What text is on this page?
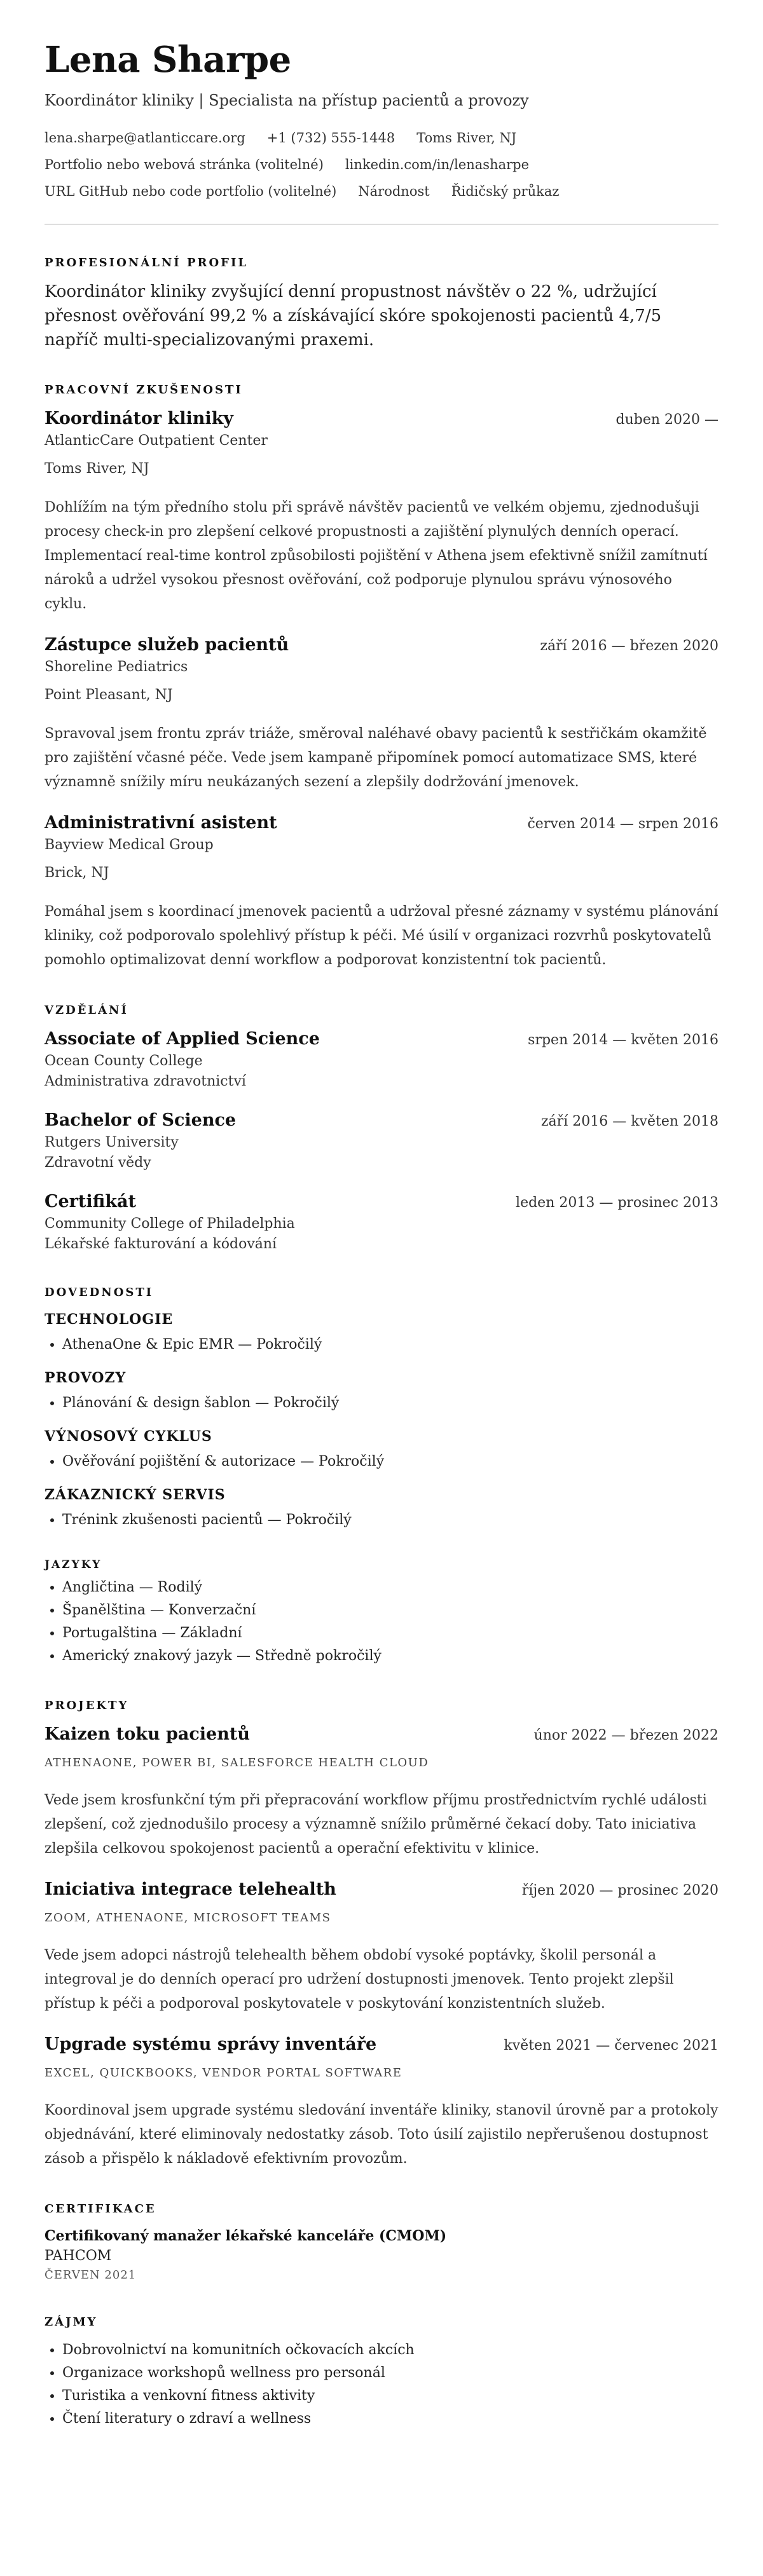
Lena Sharpe
Koordinátor kliniky | Specialista na přístup pacientů a provozy
lena.sharpe@atlanticcare.org +1 (732) 555-1448 Toms River, NJ
Portfolio nebo webová stránka (volitelné) linkedin.com/in/lenasharpe
URL GitHub nebo code portfolio (volitelné) Národnost Řidičský průkaz
PROFESIONÁLNÍ PROFIL

Koordinátor kliniky zvyšující denní propustnost návštěv o 22 %, udržující přesnost ověřování 99,2 % a získávající skóre spokojenosti pacientů 4,7/5 napříč multi-specializovanými praxemi.

PRACOVNÍ ZKUŠENOSTI
Koordinátor kliniky	duben 2020 —
AtlanticCare Outpatient Center
Toms River, NJ
Dohlížím na tým předního stolu při správě návštěv pacientů ve velkém objemu, zjednodušuji procesy check-in pro zlepšení celkové propustnosti a zajištění plynulých denních operací. Implementací real-time kontrol způsobilosti pojištění v Athena jsem efektivně snížil zamítnutí nároků a udržel vysokou přesnost ověřování, což podporuje plynulou správu výnosového cyklu.
Zástupce služeb pacientů	září 2016 — březen 2020
Shoreline Pediatrics
Point Pleasant, NJ
Spravoval jsem frontu zpráv triáže, směroval naléhavé obavy pacientů k sestřičkám okamžitě pro zajištění včasné péče. Vede jsem kampaně připomínek pomocí automatizace SMS, které významně snížily míru neukázaných sezení a zlepšily dodržování jmenovek.
Administrativní asistent	červen 2014 — srpen 2016
Bayview Medical Group
Brick, NJ
Pomáhal jsem s koordinací jmenovek pacientů a udržoval přesné záznamy v systému plánování kliniky, což podporovalo spolehlivý přístup k péči. Mé úsilí v organizaci rozvrhů poskytovatelů pomohlo optimalizovat denní workflow a podporovat konzistentní tok pacientů.
VZDĚLÁNÍ
Associate of Applied Science	srpen 2014 — květen 2016
Ocean County College
Administrativa zdravotnictví
Bachelor of Science	září 2016 — květen 2018
Rutgers University
Zdravotní vědy
Certifikát	leden 2013 — prosinec 2013
Community College of Philadelphia
Lékařské fakturování a kódování
DOVEDNOSTI
TECHNOLOGIE
• AthenaOne & Epic EMR — Pokročilý
PROVOZY
• Plánování & design šablon — Pokročilý
VÝNOSOVÝ CYKLUS
• Ověřování pojištění & autorizace — Pokročilý
ZÁKAZNICKÝ SERVIS
• Trénink zkušenosti pacientů — Pokročilý
JAZYKY
• Angličtina — Rodilý
• Španělština — Konverzační
• Portugalština — Základní
• Americký znakový jazyk — Středně pokročilý
PROJEKTY
Kaizen toku pacientů	únor 2022 — březen 2022
ATHENAONE, POWER BI, SALESFORCE HEALTH CLOUD
Vede jsem krosfunkční tým při přepracování workflow příjmu prostřednictvím rychlé události zlepšení, což zjednodušilo procesy a významně snížilo průměrné čekací doby. Tato iniciativa zlepšila celkovou spokojenost pacientů a operační efektivitu v klinice.
Iniciativa integrace telehealth	říjen 2020 — prosinec 2020
ZOOM, ATHENAONE, MICROSOFT TEAMS
Vede jsem adopci nástrojů telehealth během období vysoké poptávky, školil personál a integroval je do denních operací pro udržení dostupnosti jmenovek. Tento projekt zlepšil přístup k péči a podporoval poskytovatele v poskytování konzistentních služeb.
Upgrade systému správy inventáře	květen 2021 — červenec 2021
EXCEL, QUICKBOOKS, VENDOR PORTAL SOFTWARE
Koordinoval jsem upgrade systému sledování inventáře kliniky, stanovil úrovně par a protokoly objednávání, které eliminovaly nedostatky zásob. Toto úsilí zajistilo nepřerušenou dostupnost zásob a přispělo k nákladově efektivním provozům.
CERTIFIKACE
Certifikovaný manažer lékařské kanceláře (CMOM)
PAHCOM
ČERVEN 2021
ZÁJMY
• Dobrovolnictví na komunitních očkovacích akcích
• Organizace workshopů wellness pro personál
• Turistika a venkovní fitness aktivity
• Čtení literatury o zdraví a wellness
